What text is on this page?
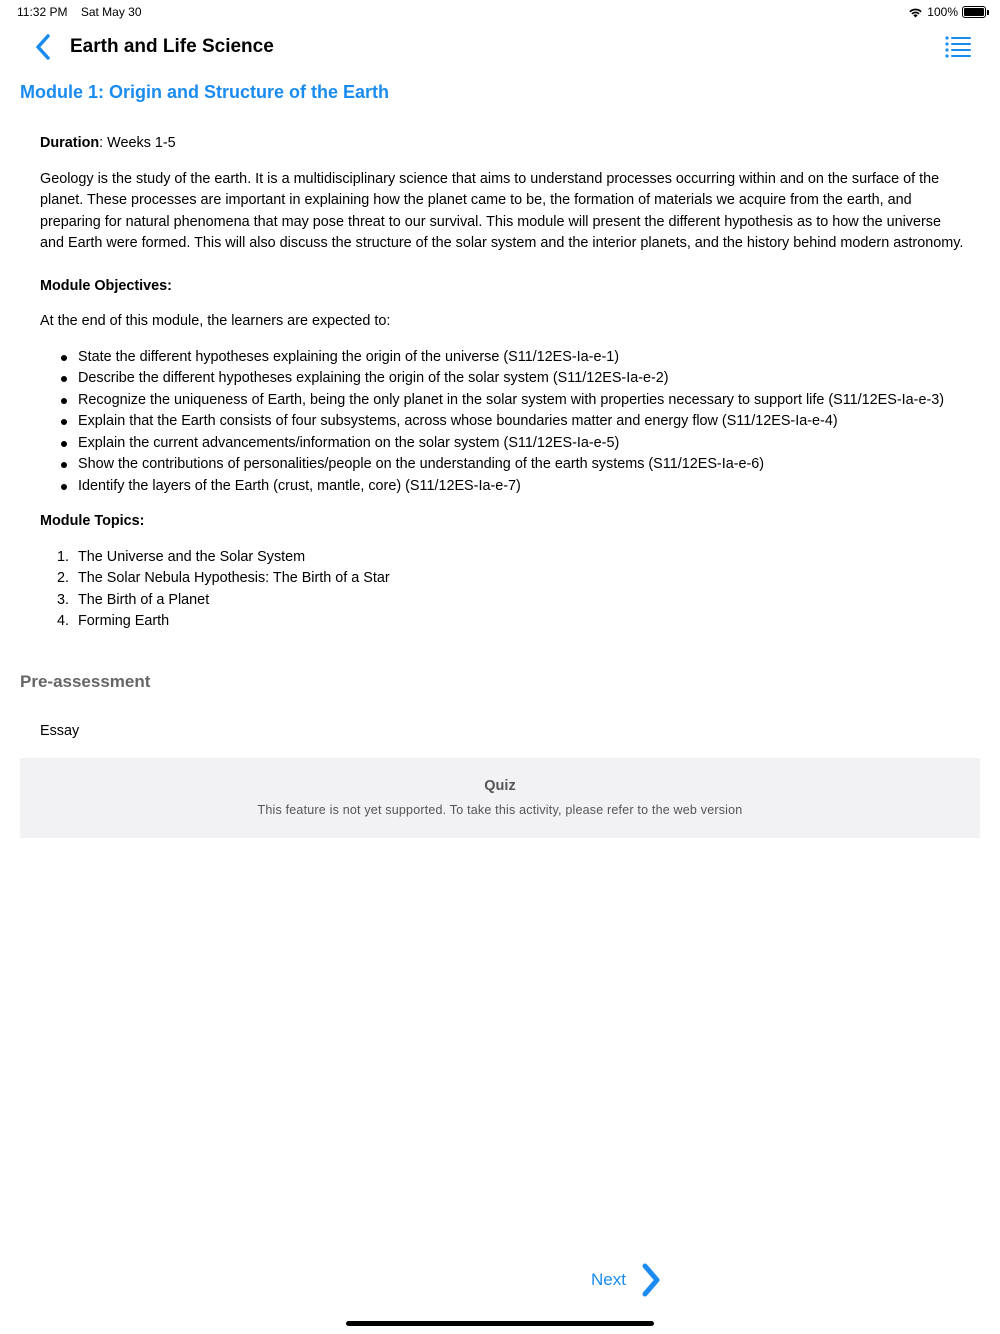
11:32 PM Sat May 30	100%
Earth and Life Science
Module 1: Origin and Structure of the Earth

Duration: Weeks 1-5

Geology is the study of the earth. It is a multidisciplinary science that aims to understand processes occurring within and on the surface of the planet. These processes are important in explaining how the planet came to be, the formation of materials we acquire from the earth, and preparing for natural phenomena that may pose threat to our survival. This module will present the different hypothesis as to how the universe and Earth were formed. This will also discuss the structure of the solar system and the interior planets, and the history behind modern astronomy.

Module Objectives:

At the end of this module, the learners are expected to:

State the different hypotheses explaining the origin of the universe (S11/12ES-Ia-e-1)
Describe the different hypotheses explaining the origin of the solar system (S11/12ES-Ia-e-2)
Recognize the uniqueness of Earth, being the only planet in the solar system with properties necessary to support life (S11/12ES-Ia-e-3)
Explain that the Earth consists of four subsystems, across whose boundaries matter and energy flow (S11/12ES-Ia-e-4)
Explain the current advancements/information on the solar system (S11/12ES-Ia-e-5)
Show the contributions of personalities/people on the understanding of the earth systems (S11/12ES-Ia-e-6)
Identify the layers of the Earth (crust, mantle, core) (S11/12ES-Ia-e-7)

Module Topics:

1. The Universe and the Solar System
2. The Solar Nebula Hypothesis: The Birth of a Star
3. The Birth of a Planet
4. Forming Earth
Pre-assessment
Essay
Quiz
This feature is not yet supported. To take this activity, please refer to the web version
Next
